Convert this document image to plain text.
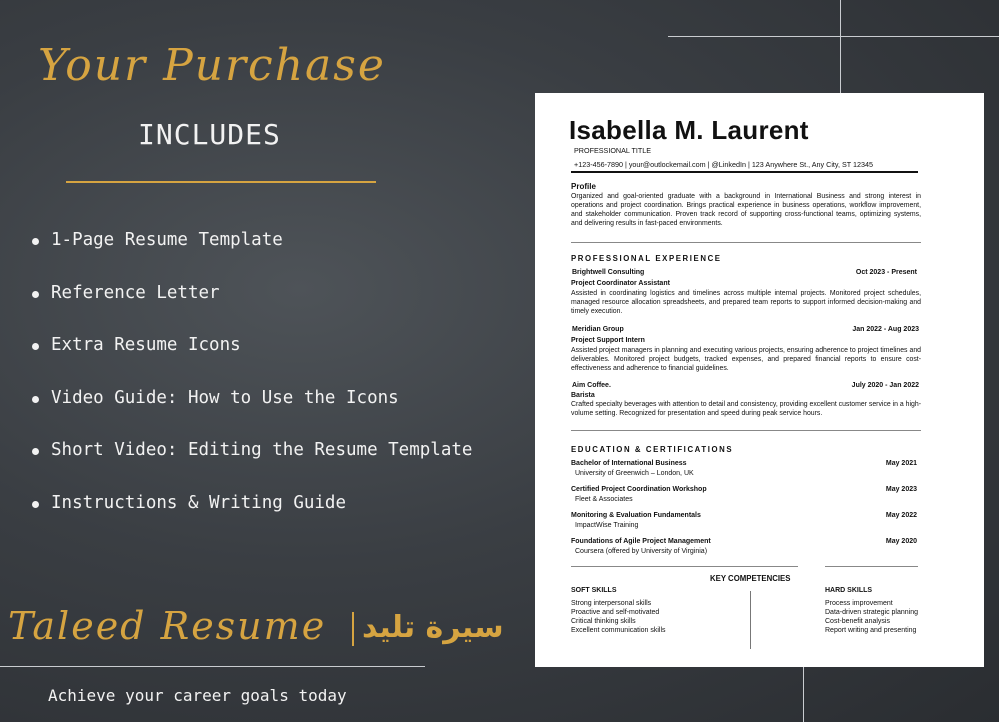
Your Purchase
INCLUDES
1-Page Resume Template
Reference Letter
Extra Resume Icons
Video Guide: How to Use the Icons
Short Video: Editing the Resume Template
Instructions & Writing Guide
Taleed Resume سيرة تليد
Achieve your career goals today
Isabella M. Laurent
PROFESSIONAL TITLE
+123-456-7890 | your@outlockemail.com | @LinkedIn | 123 Anywhere St., Any City, ST 12345
Profile
Organized and goal-oriented graduate with a background in International Business and strong interest in operations and project coordination. Brings practical experience in business operations, workflow improvement, and stakeholder communication. Proven track record of supporting cross-functional teams, optimizing systems, and delivering results in fast-paced environments.
PROFESSIONAL EXPERIENCE
Brightwell Consulting	Oct 2023 - Present
Project Coordinator Assistant
Assisted in coordinating logistics and timelines across multiple internal projects. Monitored project schedules, managed resource allocation spreadsheets, and prepared team reports to support informed decision-making and timely execution.
Meridian Group	Jan 2022 - Aug 2023
Project Support Intern
Assisted project managers in planning and executing various projects, ensuring adherence to project timelines and deliverables. Monitored project budgets, tracked expenses, and prepared financial reports to ensure cost-effectiveness and adherence to financial guidelines.
Aim Coffee.	July 2020 - Jan 2022
Barista
Crafted specialty beverages with attention to detail and consistency, providing excellent customer service in a high-volume setting. Recognized for presentation and speed during peak service hours.
EDUCATION & CERTIFICATIONS
Bachelor of International Business	May 2021
University of Greenwich – London, UK
Certified Project Coordination Workshop	May 2023
Fleet & Associates
Monitoring & Evaluation Fundamentals	May 2022
ImpactWise Training
Foundations of Agile Project Management	May 2020
Coursera (offered by University of Virginia)
KEY COMPETENCIES
SOFT SKILLS
Strong interpersonal skills
Proactive and self-motivated
Critical thinking skills
Excellent communication skills
HARD SKILLS
Process improvement
Data-driven strategic planning
Cost-benefit analysis
Report writing and presenting
